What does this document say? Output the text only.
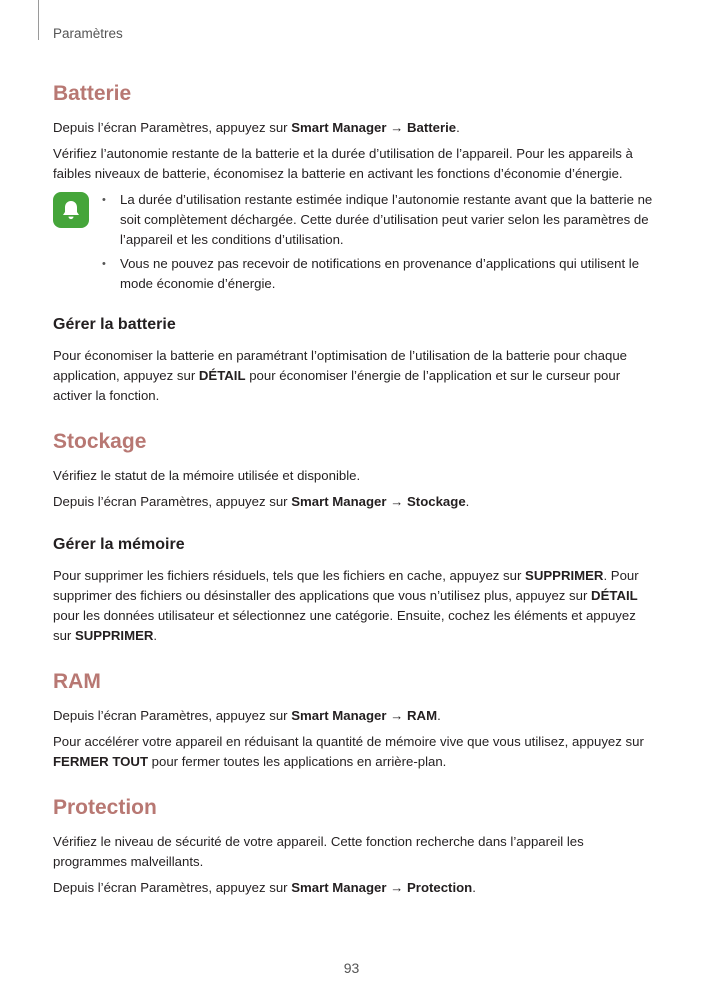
Paramètres
Batterie

Depuis l’écran Paramètres, appuyez sur Smart Manager → Batterie.

Vérifiez l’autonomie restante de la batterie et la durée d’utilisation de l’appareil. Pour les appareils à faibles niveaux de batterie, économisez la batterie en activant les fonctions d’économie d’énergie.

• La durée d’utilisation restante estimée indique l’autonomie restante avant que la batterie ne soit complètement déchargée. Cette durée d’utilisation peut varier selon les paramètres de l’appareil et les conditions d’utilisation.
• Vous ne pouvez pas recevoir de notifications en provenance d’applications qui utilisent le mode économie d’énergie.
Gérer la batterie

Pour économiser la batterie en paramétrant l’optimisation de l’utilisation de la batterie pour chaque application, appuyez sur DÉTAIL pour économiser l’énergie de l’application et sur le curseur pour activer la fonction.

Stockage

Vérifiez le statut de la mémoire utilisée et disponible.

Depuis l’écran Paramètres, appuyez sur Smart Manager → Stockage.

Gérer la mémoire

Pour supprimer les fichiers résiduels, tels que les fichiers en cache, appuyez sur SUPPRIMER. Pour supprimer des fichiers ou désinstaller des applications que vous n’utilisez plus, appuyez sur DÉTAIL pour les données utilisateur et sélectionnez une catégorie. Ensuite, cochez les éléments et appuyez sur SUPPRIMER.

RAM

Depuis l’écran Paramètres, appuyez sur Smart Manager → RAM.

Pour accélérer votre appareil en réduisant la quantité de mémoire vive que vous utilisez, appuyez sur FERMER TOUT pour fermer toutes les applications en arrière-plan.

Protection

Vérifiez le niveau de sécurité de votre appareil. Cette fonction recherche dans l’appareil les programmes malveillants.

Depuis l’écran Paramètres, appuyez sur Smart Manager → Protection.

93
